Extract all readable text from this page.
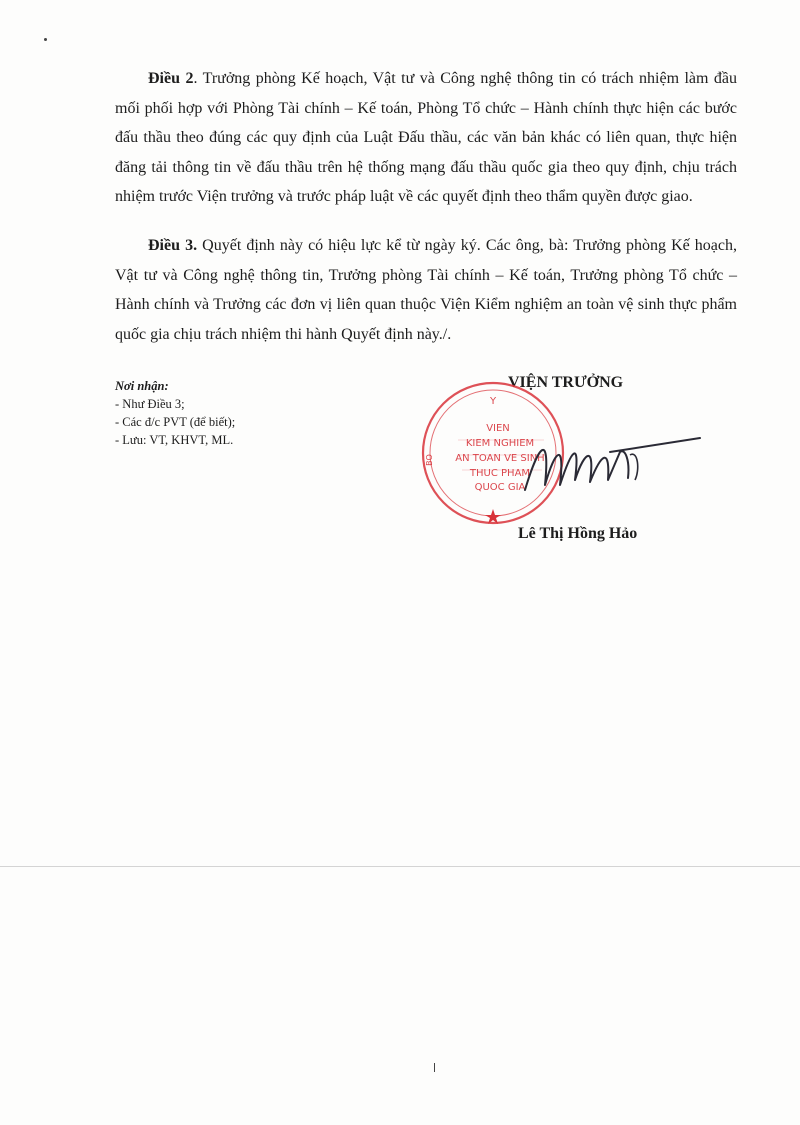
Điều 2. Trưởng phòng Kế hoạch, Vật tư và Công nghệ thông tin có trách nhiệm làm đầu mối phối hợp với Phòng Tài chính – Kế toán, Phòng Tổ chức – Hành chính thực hiện các bước đấu thầu theo đúng các quy định của Luật Đấu thầu, các văn bản khác có liên quan, thực hiện đăng tải thông tin về đấu thầu trên hệ thống mạng đấu thầu quốc gia theo quy định, chịu trách nhiệm trước Viện trưởng và trước pháp luật về các quyết định theo thẩm quyền được giao.

Điều 3. Quyết định này có hiệu lực kể từ ngày ký. Các ông, bà: Trưởng phòng Kế hoạch, Vật tư và Công nghệ thông tin, Trưởng phòng Tài chính – Kế toán, Trưởng phòng Tổ chức – Hành chính và Trưởng các đơn vị liên quan thuộc Viện Kiểm nghiệm an toàn vệ sinh thực phẩm quốc gia chịu trách nhiệm thi hành Quyết định này./.

Nơi nhận:
- Như Điều 3;
- Các đ/c PVT (để biết);
- Lưu: VT, KHVT, ML.
VIỆN TRƯỞNG
Y
VIEN
KIEM NGHIEM
AN TOAN VE SINH
THUC PHAM
QUOC GIA
BO
Lê Thị Hồng Hảo
